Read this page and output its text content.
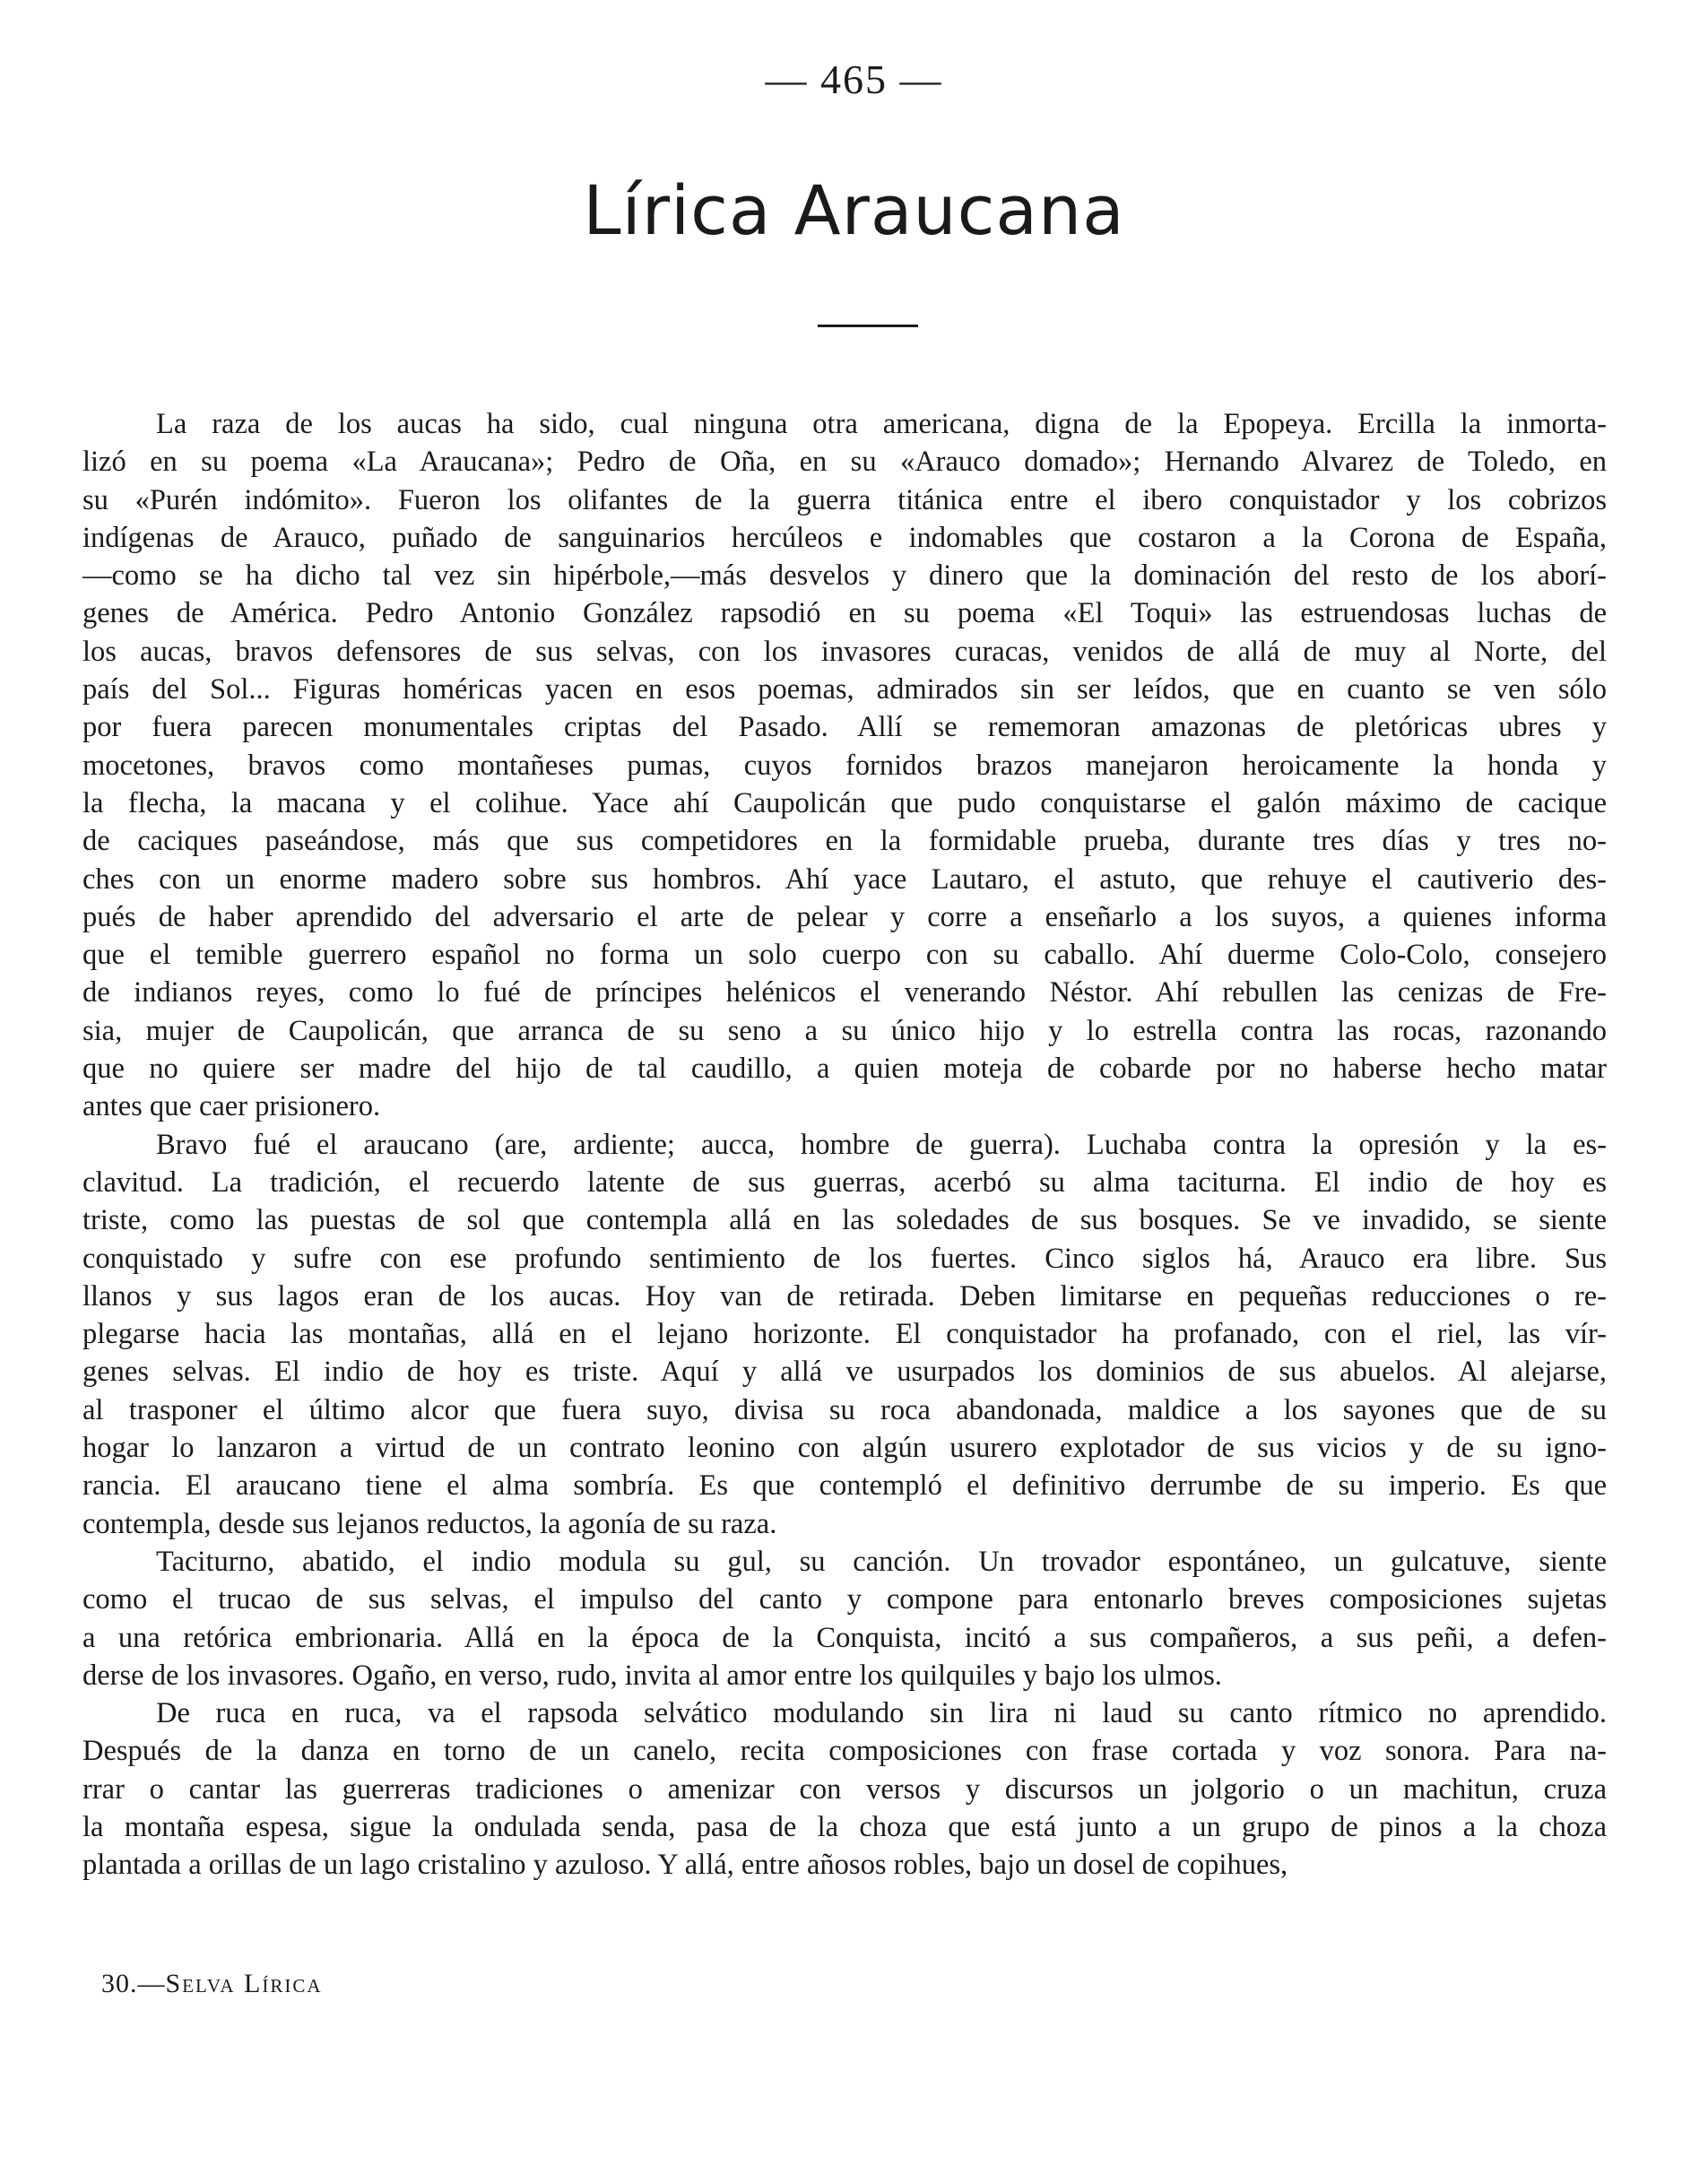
— 465 —
Lírica Araucana
La raza de los aucas ha sido, cual ninguna otra americana, digna de la Epopeya. Ercilla la inmorta-
lizó en su poema «La Araucana»; Pedro de Oña, en su «Arauco domado»; Hernando Alvarez de Toledo, en
su «Purén indómito». Fueron los olifantes de la guerra titánica entre el ibero conquistador y los cobrizos
indígenas de Arauco, puñado de sanguinarios hercúleos e indomables que costaron a la Corona de España,
—como se ha dicho tal vez sin hipérbole,—más desvelos y dinero que la dominación del resto de los aborí-
genes de América. Pedro Antonio González rapsodió en su poema «El Toqui» las estruendosas luchas de
los aucas, bravos defensores de sus selvas, con los invasores curacas, venidos de allá de muy al Norte, del
país del Sol... Figuras homéricas yacen en esos poemas, admirados sin ser leídos, que en cuanto se ven sólo
por fuera parecen monumentales criptas del Pasado. Allí se rememoran amazonas de pletóricas ubres y
mocetones, bravos como montañeses pumas, cuyos fornidos brazos manejaron heroicamente la honda y
la flecha, la macana y el colihue. Yace ahí Caupolicán que pudo conquistarse el galón máximo de cacique
de caciques paseándose, más que sus competidores en la formidable prueba, durante tres días y tres no-
ches con un enorme madero sobre sus hombros. Ahí yace Lautaro, el astuto, que rehuye el cautiverio des-
pués de haber aprendido del adversario el arte de pelear y corre a enseñarlo a los suyos, a quienes informa
que el temible guerrero español no forma un solo cuerpo con su caballo. Ahí duerme Colo-Colo, consejero
de indianos reyes, como lo fué de príncipes helénicos el venerando Néstor. Ahí rebullen las cenizas de Fre-
sia, mujer de Caupolicán, que arranca de su seno a su único hijo y lo estrella contra las rocas, razonando
que no quiere ser madre del hijo de tal caudillo, a quien moteja de cobarde por no haberse hecho matar
antes que caer prisionero.
Bravo fué el araucano (are, ardiente; aucca, hombre de guerra). Luchaba contra la opresión y la es-
clavitud. La tradición, el recuerdo latente de sus guerras, acerbó su alma taciturna. El indio de hoy es
triste, como las puestas de sol que contempla allá en las soledades de sus bosques. Se ve invadido, se siente
conquistado y sufre con ese profundo sentimiento de los fuertes. Cinco siglos há, Arauco era libre. Sus
llanos y sus lagos eran de los aucas. Hoy van de retirada. Deben limitarse en pequeñas reducciones o re-
plegarse hacia las montañas, allá en el lejano horizonte. El conquistador ha profanado, con el riel, las vír-
genes selvas. El indio de hoy es triste. Aquí y allá ve usurpados los dominios de sus abuelos. Al alejarse,
al trasponer el último alcor que fuera suyo, divisa su roca abandonada, maldice a los sayones que de su
hogar lo lanzaron a virtud de un contrato leonino con algún usurero explotador de sus vicios y de su igno-
rancia. El araucano tiene el alma sombría. Es que contempló el definitivo derrumbe de su imperio. Es que
contempla, desde sus lejanos reductos, la agonía de su raza.
Taciturno, abatido, el indio modula su gul, su canción. Un trovador espontáneo, un gulcatuve, siente
como el trucao de sus selvas, el impulso del canto y compone para entonarlo breves composiciones sujetas
a una retórica embrionaria. Allá en la época de la Conquista, incitó a sus compañeros, a sus peñi, a defen-
derse de los invasores. Ogaño, en verso, rudo, invita al amor entre los quilquiles y bajo los ulmos.
De ruca en ruca, va el rapsoda selvático modulando sin lira ni laud su canto rítmico no aprendido.
Después de la danza en torno de un canelo, recita composiciones con frase cortada y voz sonora. Para na-
rrar o cantar las guerreras tradiciones o amenizar con versos y discursos un jolgorio o un machitun, cruza
la montaña espesa, sigue la ondulada senda, pasa de la choza que está junto a un grupo de pinos a la choza
plantada a orillas de un lago cristalino y azuloso. Y allá, entre añosos robles, bajo un dosel de copihues,
30.—Selva Lírica
